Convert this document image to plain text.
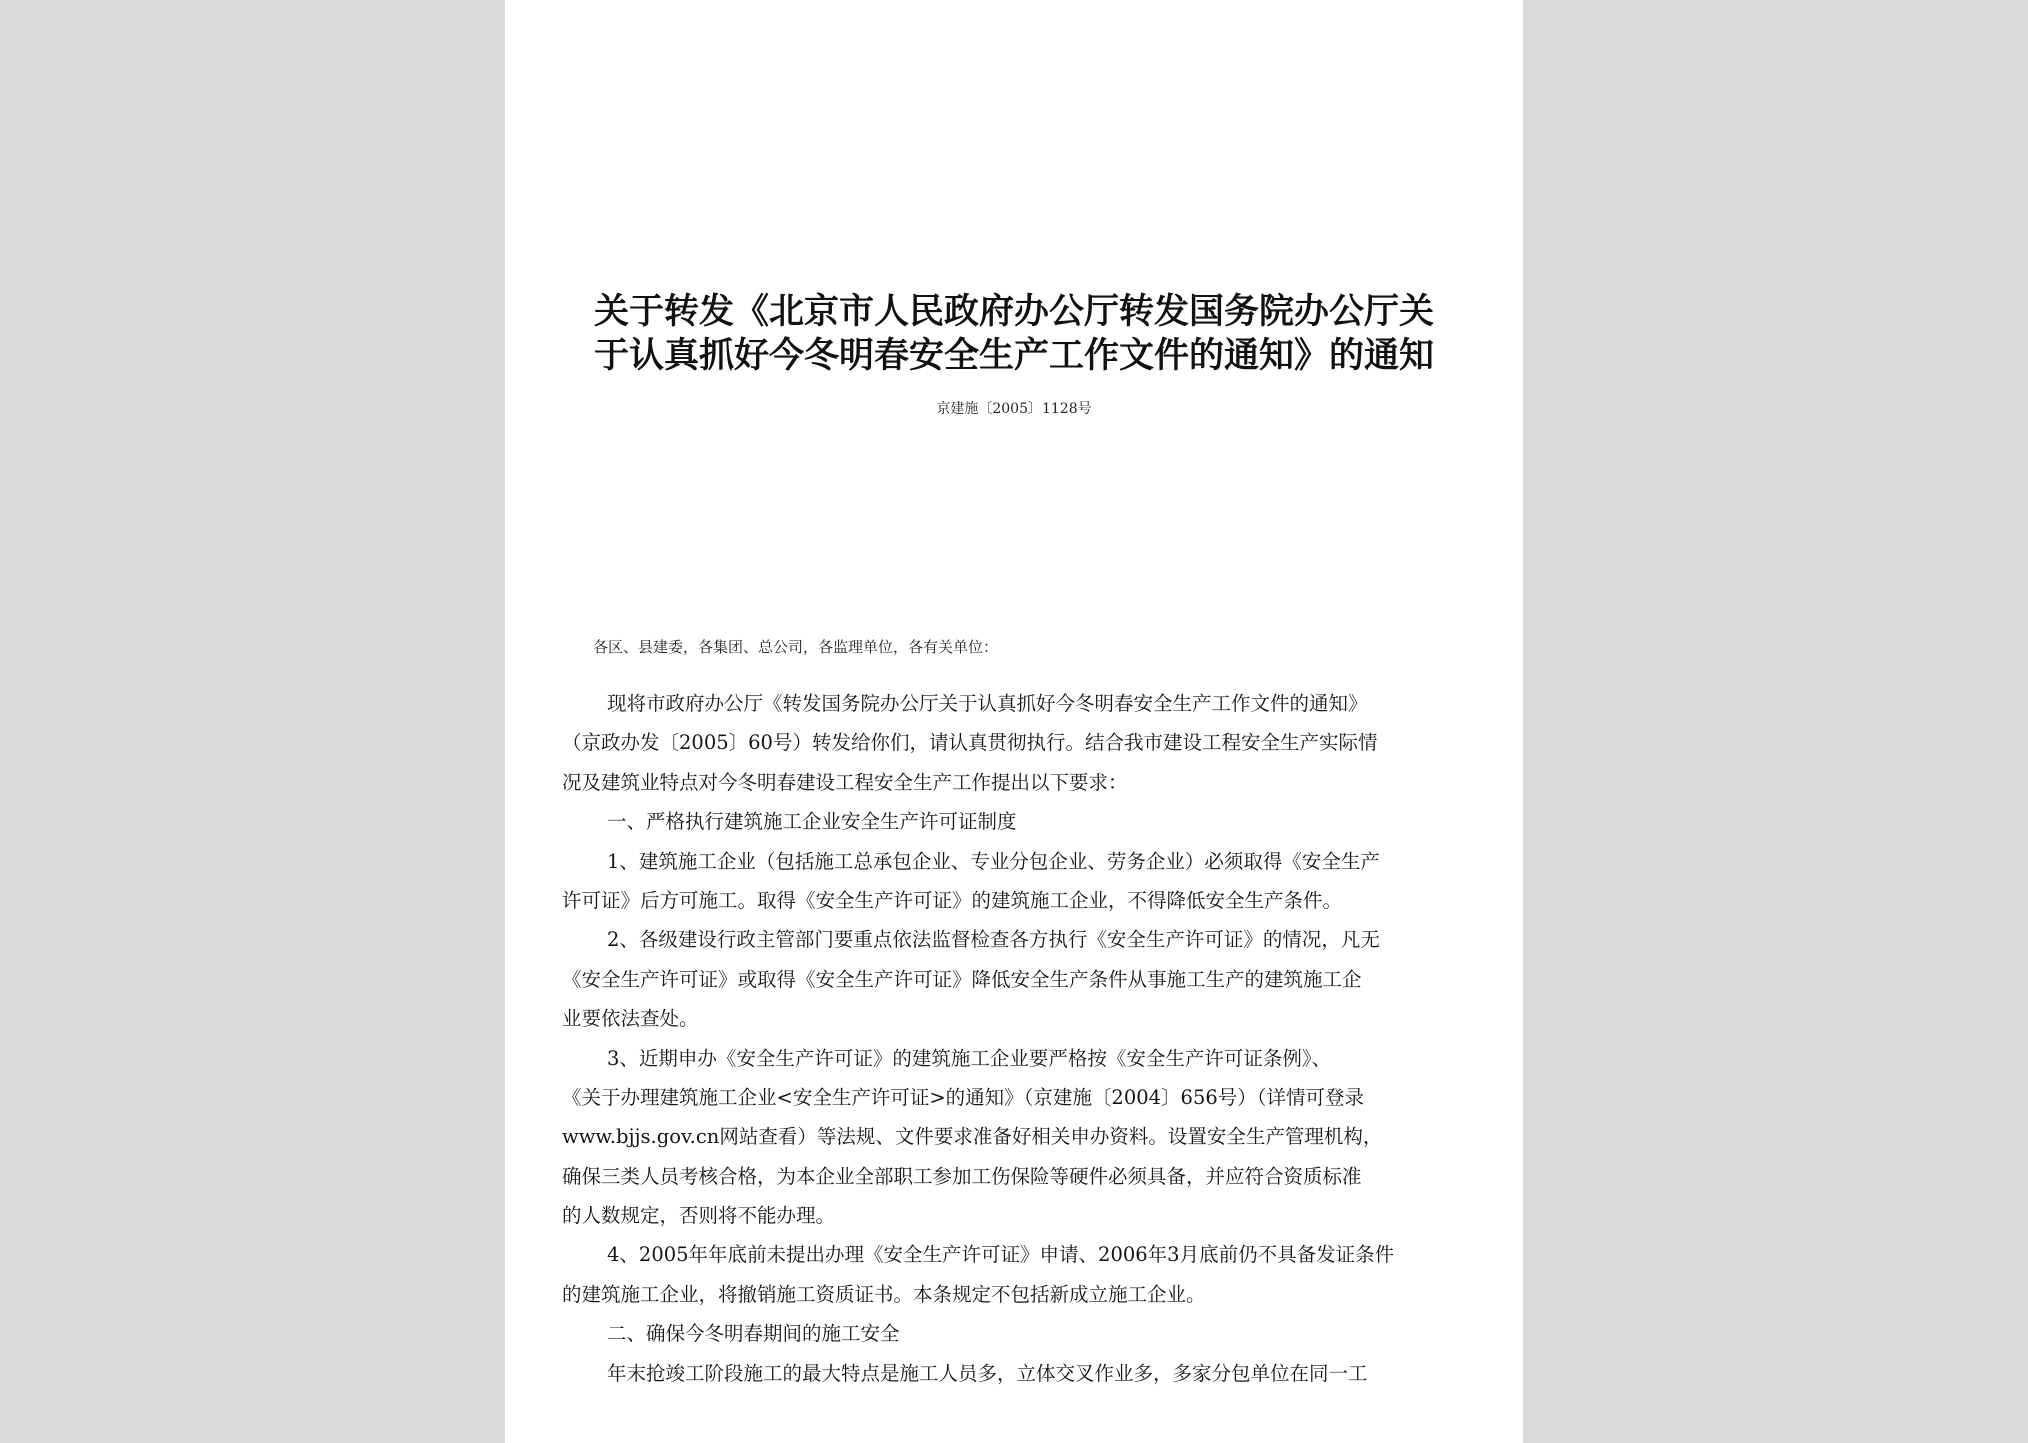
关于转发《北京市人民政府办公厅转发国务院办公厅关
于认真抓好今冬明春安全生产工作文件的通知》的通知
京建施〔2005〕1128号
各区、县建委，各集团、总公司，各监理单位，各有关单位：
现将市政府办公厅《转发国务院办公厅关于认真抓好今冬明春安全生产工作文件的通知》
（京政办发〔2005〕60号）转发给你们，请认真贯彻执行。结合我市建设工程安全生产实际情
况及建筑业特点对今冬明春建设工程安全生产工作提出以下要求：
一、严格执行建筑施工企业安全生产许可证制度
1、建筑施工企业（包括施工总承包企业、专业分包企业、劳务企业）必须取得《安全生产
许可证》后方可施工。取得《安全生产许可证》的建筑施工企业，不得降低安全生产条件。
2、各级建设行政主管部门要重点依法监督检查各方执行《安全生产许可证》的情况，凡无
《安全生产许可证》或取得《安全生产许可证》降低安全生产条件从事施工生产的建筑施工企
业要依法查处。
3、近期申办《安全生产许可证》的建筑施工企业要严格按《安全生产许可证条例》、
《关于办理建筑施工企业<安全生产许可证>的通知》（京建施〔2004〕656号）（详情可登录
www.bjjs.gov.cn网站查看）等法规、文件要求准备好相关申办资料。设置安全生产管理机构，
确保三类人员考核合格，为本企业全部职工参加工伤保险等硬件必须具备，并应符合资质标准
的人数规定，否则将不能办理。
4、2005年年底前未提出办理《安全生产许可证》申请、2006年3月底前仍不具备发证条件
的建筑施工企业，将撤销施工资质证书。本条规定不包括新成立施工企业。
二、确保今冬明春期间的施工安全
年末抢竣工阶段施工的最大特点是施工人员多，立体交叉作业多，多家分包单位在同一工
